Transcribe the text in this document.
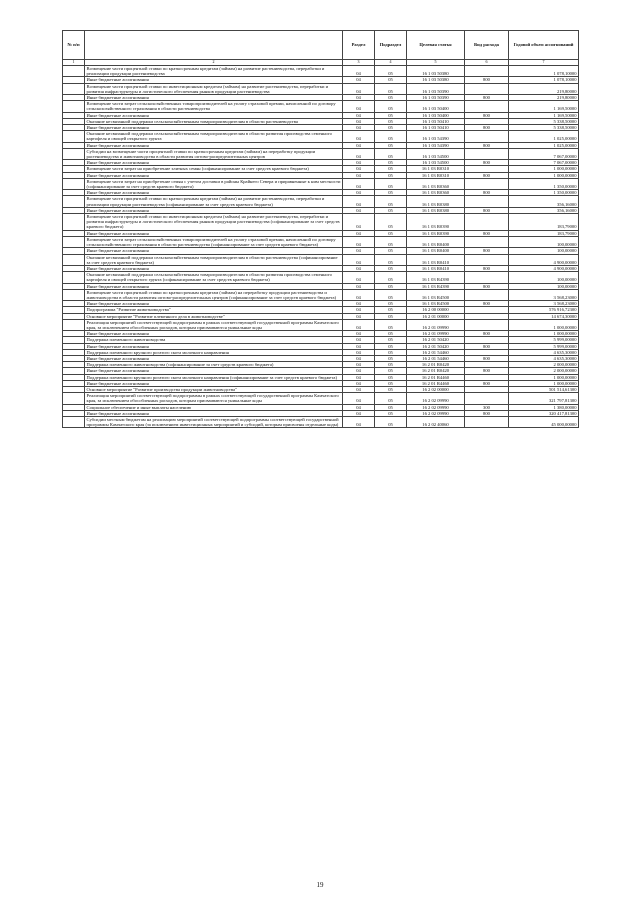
№ п/п		Раздел	Подраздел	Целевая статья	Вид расхода	Годовой объем ассигнований
1	2	3	4	5	6	7
	Возмещение части процентной ставки по краткосрочным кредитам (займам) на развитие растениеводства, переработки и реализации продукции растениеводства	04	05	16 1 03 50380		1 078,10000
	Иные бюджетные ассигнования	04	05	16 1 03 50380	800	1 078,10000
	Возмещение части процентной ставки по инвестиционным кредитам (займам) на развитие растениеводства, переработки и развития инфраструктуры и логистического обеспечения рынков продукции растениеводства	04	05	16 1 03 50390		219,80000
	Иные бюджетные ассигнования	04	05	16 1 03 50390	800	219,80000
	Возмещение части затрат сельскохозяйственных товаропроизводителей на уплату страховой премии, начисленной по договору сельскохозяйственного страхования в области растениеводства	04	05	16 1 03 50400		1 169,50000
	Иные бюджетные ассигнования	04	05	16 1 03 50400	800	1 169,50000
	Оказание несвязанной поддержки сельскохозяйственным товаропроизводителям в области растениеводства	04	05	16 1 03 50410		5 338,50000
	Иные бюджетные ассигнования	04	05	16 1 03 50410	800	5 338,50000
	Оказание несвязанной поддержки сельскохозяйственным товаропроизводителям в области развития производства семенного картофеля и овощей открытого грунта	04	05	16 1 03 54390		1 025,00000
	Иные бюджетные ассигнования	04	05	16 1 03 54390	800	1 025,00000
	Субсидии на возмещение части процентной ставки по краткосрочным кредитам (займам) на переработку продукции растениеводства и животноводства в области развития оптово-распределительных центров	04	05	16 1 03 54500		7 067,00000
	Иные бюджетные ассигнования	04	05	16 1 03 54500	800	7 067,00000
	Возмещение части затрат на приобретение элитных семян (софинансирование за счет средств краевого бюджета)	04	05	16 1 03 R0310		1 000,00000
	Иные бюджетные ассигнования	04	05	16 1 03 R0310	800	1 000,00000
	Возмещение части затрат на приобретение семян с учетом доставки в районы Крайнего Севера и приравненные к ним местности (софинансирование за счет средств краевого бюджета)	04	05	16 1 03 R0360		1 350,00000
	Иные бюджетные ассигнования	04	05	16 1 03 R0360	800	1 350,00000
	Возмещение части процентной ставки по краткосрочным кредитам (займам) на развитие растениеводства, переработки и реализации продукции растениеводства (софинансирование за счет средств краевого бюджета)	04	05	16 1 03 R0380		356,16000
	Иные бюджетные ассигнования	04	05	16 1 03 R0380	800	356,16000
	Возмещение части процентной ставки по инвестиционным кредитам (займам) на развитие растениеводства, переработки и развития инфраструктуры и логистического обеспечения рынков продукции растениеводства (софинансирование за счет средств краевого бюджета)	04	05	16 1 03 R0390		183,79000
	Иные бюджетные ассигнования	04	05	16 1 03 R0390	800	183,79000
	Возмещение части затрат сельскохозяйственных товаропроизводителей на уплату страховой премии, начисленной по договору сельскохозяйственного страхования в области растениеводства (софинансирование за счет средств краевого бюджета)	04	05	16 1 03 R0400		100,00000
	Иные бюджетные ассигнования	04	05	16 1 03 R0400	800	100,00000
	Оказание несвязанной поддержки сельскохозяйственным товаропроизводителям в области растениеводства (софинансирование за счет средств краевого бюджета)	04	05	16 1 03 R0410		4 900,00000
	Иные бюджетные ассигнования	04	05	16 1 03 R0410	800	4 900,00000
	Оказание несвязанной поддержки сельскохозяйственным товаропроизводителям в области развития производства семенного картофеля и овощей открытого грунта (софинансирование за счет средств краевого бюджета)	04	05	16 1 03 R4390		100,00000
	Иные бюджетные ассигнования	04	05	16 1 03 R4390	800	100,00000
	Возмещение части процентной ставки по краткосрочным кредитам (займам) на переработку продукции растениеводства и животноводства в области развития оптово-распределительных центров (софинансирование за счет средств краевого бюджета)	04	05	16 1 03 R4500		3 568,23000
	Иные бюджетные ассигнования	04	05	16 1 03 R4500	800	3 568,23000
	Подпрограмма "Развитие животноводства"	04	05	16 2 00 00000		576 916,72300
	Основное мероприятие "Развитие племенного дела в животноводстве"	04	05	16 2 01 00000		14 674,30000
	Реализация мероприятий соответствующей подпрограммы в рамках соответствующей государственной программы Камчатского края, за исключением обособленных расходов, которым присваиваются уникальные коды	04	05	16 2 01 09990		1 000,00000
	Иные бюджетные ассигнования	04	05	16 2 01 09990	800	1 000,00000
	Поддержка племенного животноводства	04	05	16 2 01 50420		5 999,00000
	Иные бюджетные ассигнования	04	05	16 2 01 50420	800	5 999,00000
	Поддержка племенного крупного рогатого скота молочного направления	04	05	16 2 01 54460		4 635,30000
	Иные бюджетные ассигнования	04	05	16 2 01 54460	800	4 635,30000
	Поддержка племенного животноводства (софинансирование за счет средств краевого бюджета)	04	05	16 2 01 R0420		2 000,00000
	Иные бюджетные ассигнования	04	05	16 2 01 R0420	800	2 000,00000
	Поддержка племенного крупного рогатого скота молочного направления (софинансирование за счет средств краевого бюджета)	04	05	16 2 01 R4460		1 000,00000
	Иные бюджетные ассигнования	04	05	16 2 01 R4460	800	1 000,00000
	Основное мероприятие "Развитие производства продукции животноводства"	04	05	16 2 02 00000		501 514,61300
	Реализация мероприятий соответствующей подпрограммы в рамках соответствующей государственной программы Камчатского края, за исключением обособленных расходов, которым присваиваются уникальные коды	04	05	16 2 02 09990		321 797,81300
	Социальное обеспечение и иные выплаты населению	04	05	16 2 02 09990	300	1 380,00000
	Иные бюджетные ассигнования	04	05	16 2 02 09990	800	320 417,81300
	Субсидии местным бюджетам на реализацию мероприятий соответствующей подпрограммы соответствующей государственной программы Камчатского края (за исключением инвестиционных мероприятий и субсидий, которым присвоены отдельные коды)	04	05	16 2 02 40060		45 000,00000
19
